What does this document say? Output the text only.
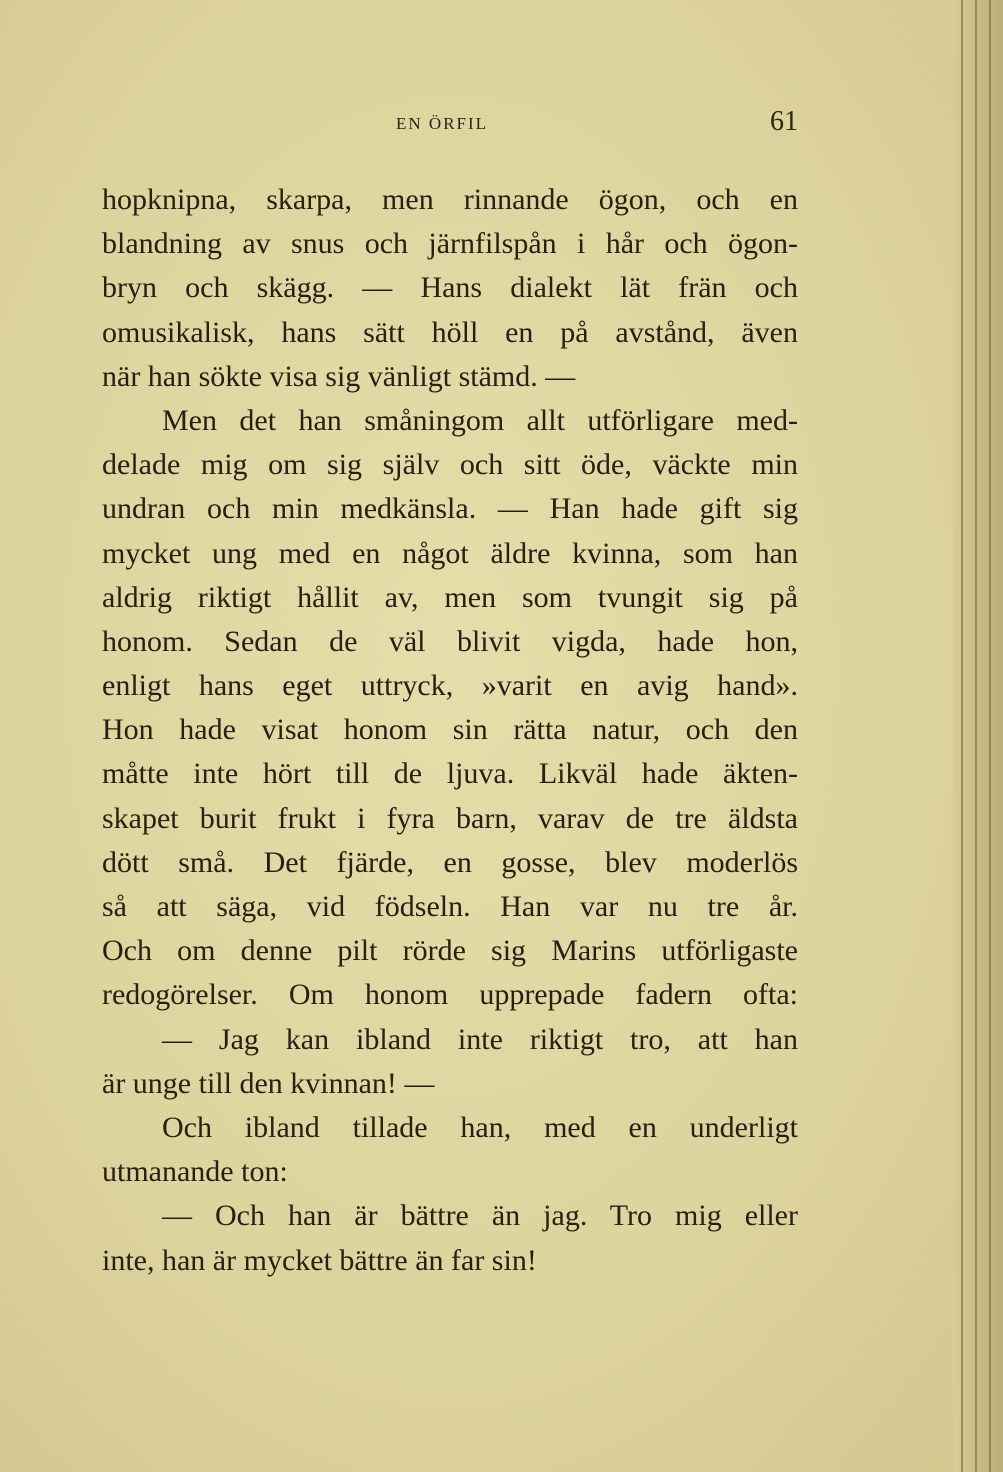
EN ÖRFIL	61
hopknipna, skarpa, men rinnande ögon, och en
blandning av snus och järnfilspån i hår och ögon-
bryn och skägg. — Hans dialekt lät frän och
omusikalisk, hans sätt höll en på avstånd, även
när han sökte visa sig vänligt stämd. —
Men det han småningom allt utförligare med-
delade mig om sig själv och sitt öde, väckte min
undran och min medkänsla. — Han hade gift sig
mycket ung med en något äldre kvinna, som han
aldrig riktigt hållit av, men som tvungit sig på
honom. Sedan de väl blivit vigda, hade hon,
enligt hans eget uttryck, »varit en avig hand».
Hon hade visat honom sin rätta natur, och den
måtte inte hört till de ljuva. Likväl hade äkten-
skapet burit frukt i fyra barn, varav de tre äldsta
dött små. Det fjärde, en gosse, blev moderlös
så att säga, vid födseln. Han var nu tre år.
Och om denne pilt rörde sig Marins utförligaste
redogörelser. Om honom upprepade fadern ofta:
— Jag kan ibland inte riktigt tro, att han
är unge till den kvinnan! —
Och ibland tillade han, med en underligt
utmanande ton:
— Och han är bättre än jag. Tro mig eller
inte, han är mycket bättre än far sin!
